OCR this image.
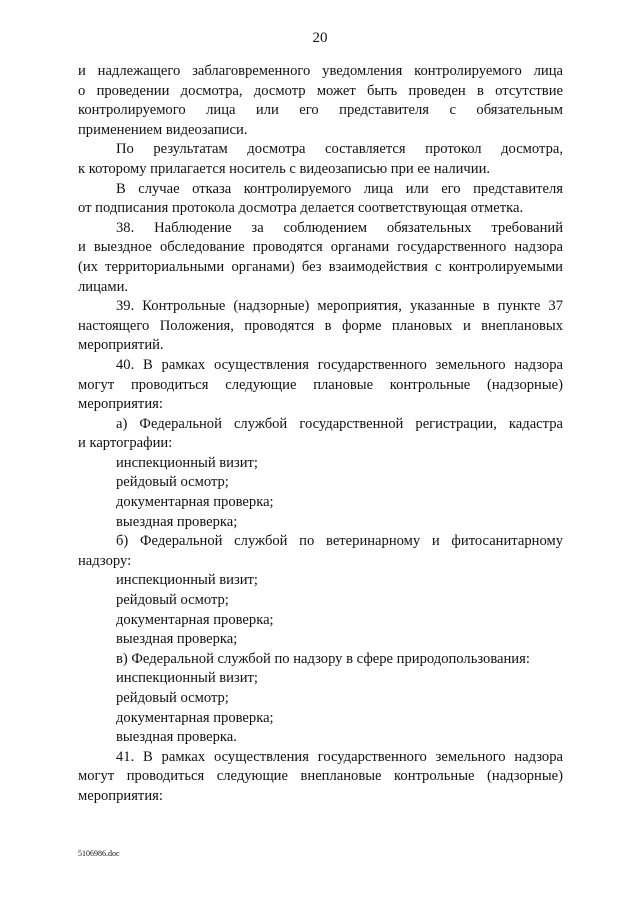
20

и надлежащего заблаговременного уведомления контролируемого лица
о проведении досмотра, досмотр может быть проведен в отсутствие
контролируемого лица или его представителя с обязательным
применением видеозаписи.

По результатам досмотра составляется протокол досмотра,
к которому прилагается носитель с видеозаписью при ее наличии.

В случае отказа контролируемого лица или его представителя
от подписания протокола досмотра делается соответствующая отметка.

38. Наблюдение за соблюдением обязательных требований
и выездное обследование проводятся органами государственного надзора
(их территориальными органами) без взаимодействия с контролируемыми
лицами.

39. Контрольные (надзорные) мероприятия, указанные в пункте 37
настоящего Положения, проводятся в форме плановых и внеплановых
мероприятий.

40. В рамках осуществления государственного земельного надзора
могут проводиться следующие плановые контрольные (надзорные)
мероприятия:

а) Федеральной службой государственной регистрации, кадастра
и картографии:

инспекционный визит;

рейдовый осмотр;

документарная проверка;

выездная проверка;

б) Федеральной службой по ветеринарному и фитосанитарному
надзору:

инспекционный визит;

рейдовый осмотр;

документарная проверка;

выездная проверка;

в) Федеральной службой по надзору в сфере природопользования:

инспекционный визит;

рейдовый осмотр;

документарная проверка;

выездная проверка.

41. В рамках осуществления государственного земельного надзора
могут проводиться следующие внеплановые контрольные (надзорные)
мероприятия:

5106986.doc
